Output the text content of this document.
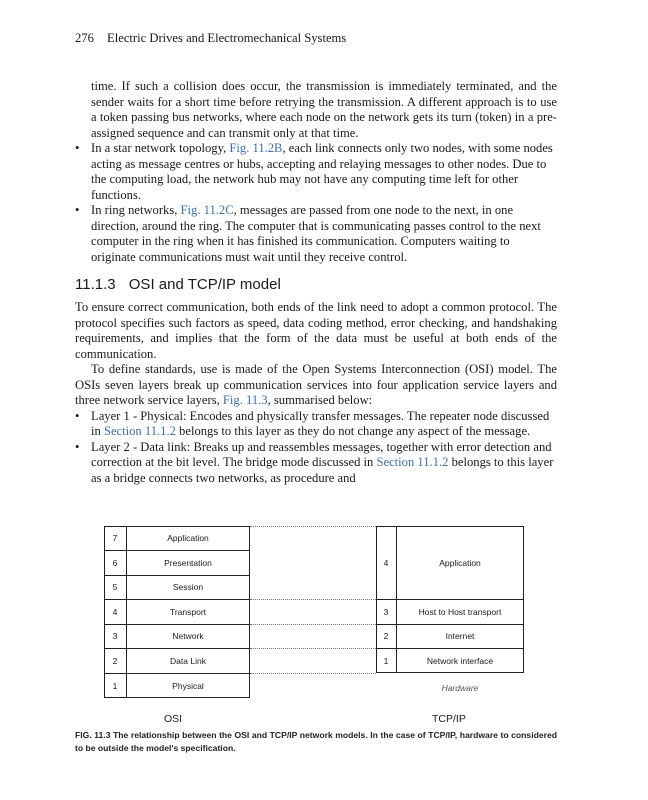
276 Electric Drives and Electromechanical Systems
time. If such a collision does occur, the transmission is immediately terminated, and the sender waits for a short time before retrying the transmission. A different approach is to use a token passing bus networks, where each node on the network gets its turn (token) in a pre-assigned sequence and can transmit only at that time.
• In a star network topology, Fig. 11.2B, each link connects only two nodes, with some nodes acting as message centres or hubs, accepting and relaying messages to other nodes. Due to the computing load, the network hub may not have any computing time left for other functions.
• In ring networks, Fig. 11.2C, messages are passed from one node to the next, in one direction, around the ring. The computer that is communicating passes control to the next computer in the ring when it has finished its communication. Computers waiting to originate communications must wait until they receive control.
11.1.3 OSI and TCP/IP model

To ensure correct communication, both ends of the link need to adopt a common protocol. The protocol specifies such factors as speed, data coding method, error checking, and handshaking requirements, and implies that the form of the data must be useful at both ends of the communication.

To define standards, use is made of the Open Systems Interconnection (OSI) model. The OSIs seven layers break up communication services into four application service layers and three network service layers, Fig. 11.3, summarised below:

• Layer 1 - Physical: Encodes and physically transfer messages. The repeater node discussed in Section 11.1.2 belongs to this layer as they do not change any aspect of the message.
• Layer 2 - Data link: Breaks up and reassembles messages, together with error detection and correction at the bit level. The bridge mode discussed in Section 11.1.2 belongs to this layer as a bridge connects two networks, as procedure and
7	Application
6	Presentation
5	Session
4	Transport
3	Network
2	Data Link
1	Physical
4	Application
3	Host to Host transport
2	Internet
1	Network interface
Hardware
OSI	TCP/IP
FIG. 11.3 The relationship between the OSI and TCP/IP network models. In the case of TCP/IP, hardware to considered to be outside the model's specification.
